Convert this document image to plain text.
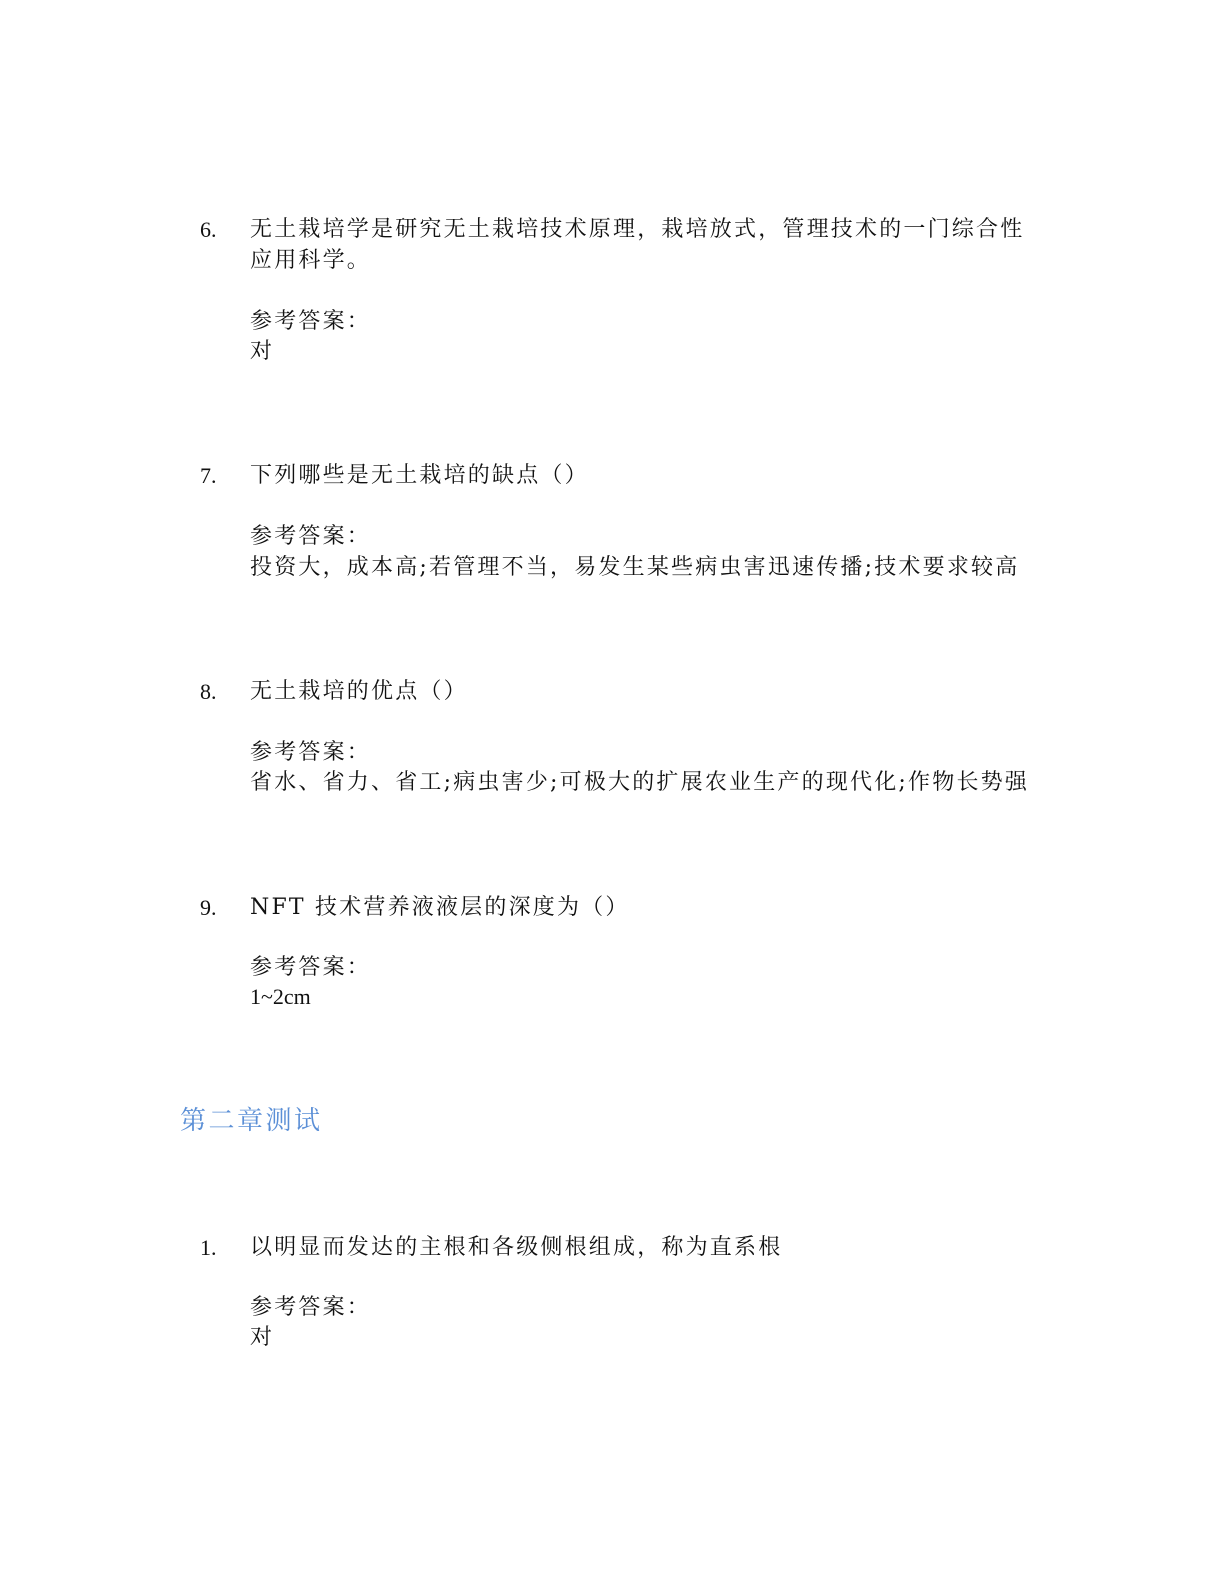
6. 无土栽培学是研究无土栽培技术原理，栽培放式，管理技术的一门综合性应用科学。
参考答案：
对
7. 下列哪些是无土栽培的缺点（）
参考答案：
投资大，成本高;若管理不当，易发生某些病虫害迅速传播;技术要求较高
8. 无土栽培的优点（）
参考答案：
省水、省力、省工;病虫害少;可极大的扩展农业生产的现代化;作物长势强
9. NFT 技术营养液液层的深度为（）
参考答案：
1~2cm
第二章测试
1. 以明显而发达的主根和各级侧根组成，称为直系根
参考答案：
对
